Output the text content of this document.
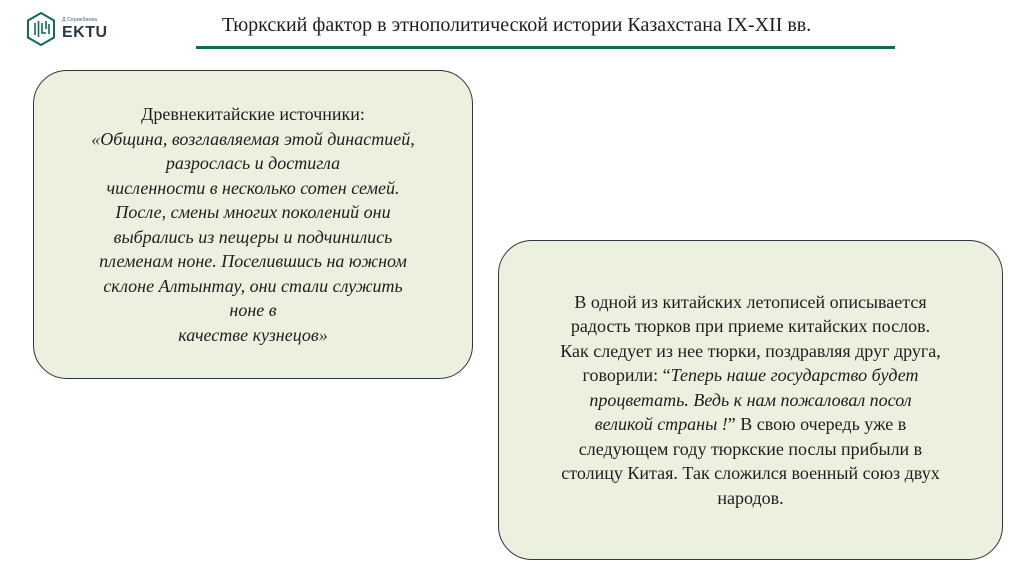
Д.Серикбаева
EKTU	Тюркский фактор в этнополитической истории Казахстана IX-XII вв.
Древнекитайские источники:
«Община, возглавляемая этой династией,
разрослась и достигла
численности в несколько сотен семей.
После, смены многих поколений они
выбрались из пещеры и подчинились
племенам ноне. Поселившись на южном
склоне Алтынтау, они стали служить
ноне в
качестве кузнецов»
В одной из китайских летописей описывается
радость тюрков при приеме китайских послов.
Как следует из нее тюрки, поздравляя друг друга,
говорили: “Теперь наше государство будет
процветать. Ведь к нам пожаловал посол
великой страны !” В свою очередь уже в
следующем году тюркские послы прибыли в
столицу Китая. Так сложился военный союз двух
народов.
